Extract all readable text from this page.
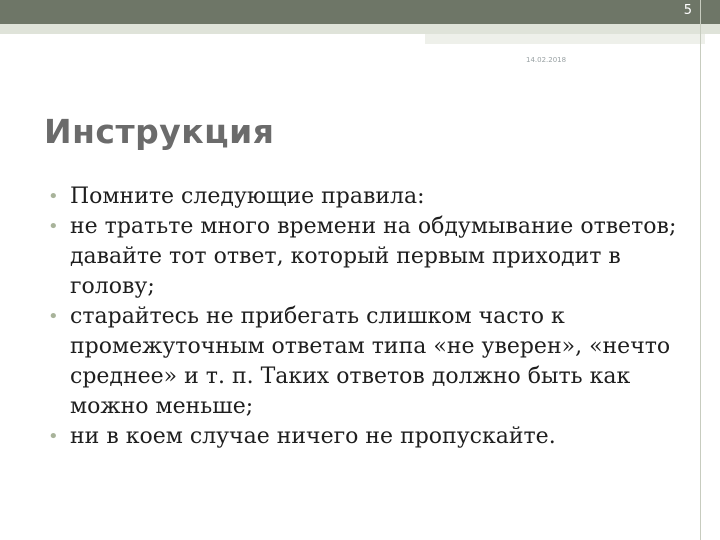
5
14.02.2018
Инструкция
• Помните следующие правила:
• не тратьте много времени на обдумывание ответов; давайте тот ответ, который первым приходит в голову;
• старайтесь не прибегать слишком часто к промежуточным ответам типа «не уверен», «нечто среднее» и т. п. Таких ответов должно быть как можно меньше;
• ни в коем случае ничего не пропускайте.
